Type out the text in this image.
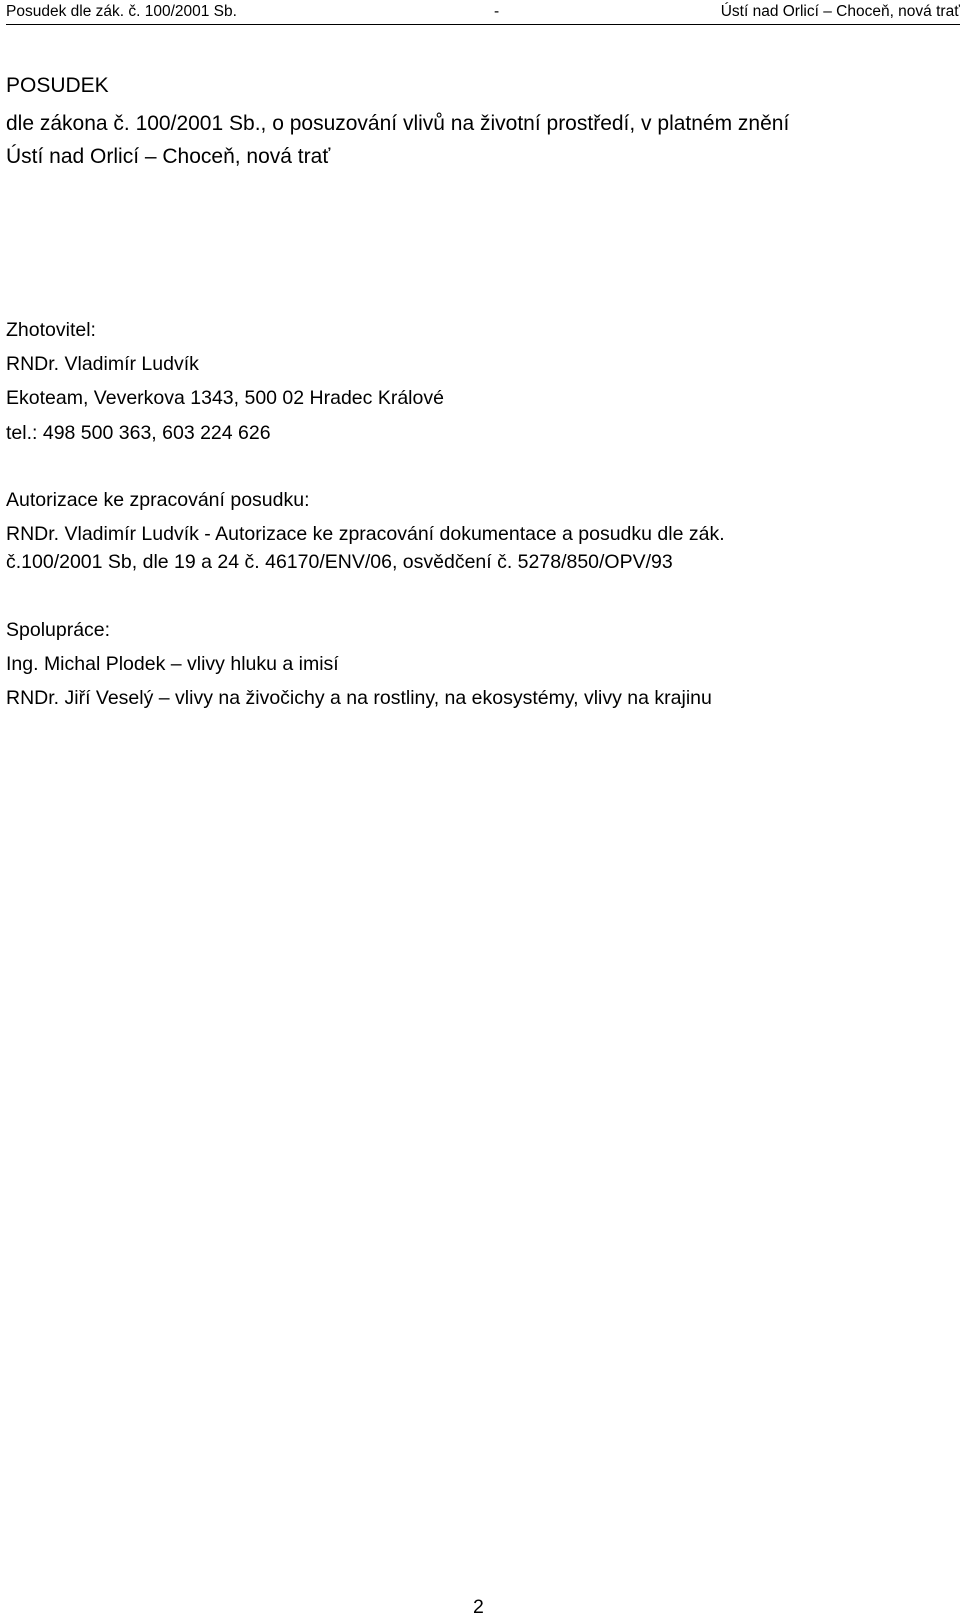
Posudek dle zák. č. 100/2001 Sb.	-	Ústí nad Orlicí – Choceň, nová trať
POSUDEK
dle zákona č. 100/2001 Sb., o posuzování vlivů na životní prostředí, v platném znění
Ústí nad Orlicí – Choceň, nová trať
Zhotovitel:
RNDr. Vladimír Ludvík
Ekoteam, Veverkova 1343, 500 02 Hradec Králové
tel.: 498 500 363, 603 224 626
Autorizace ke zpracování posudku:
RNDr. Vladimír Ludvík - Autorizace ke zpracování dokumentace a posudku dle zák.
č.100/2001 Sb, dle 19 a 24 č. 46170/ENV/06, osvědčení č. 5278/850/OPV/93
Spolupráce:
Ing. Michal Plodek – vlivy hluku a imisí
RNDr. Jiří Veselý – vlivy na živočichy a na rostliny, na ekosystémy, vlivy na krajinu
2
